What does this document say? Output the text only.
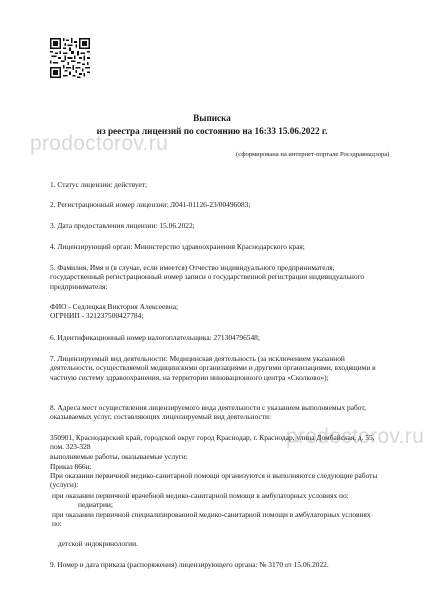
Выписка
из реестра лицензий по состоянию на 16:33 15.06.2022 г.
prodoctorov.ru
prodoctorov.ru
(сформирована на интернет-портале Росздравнадзора)
1. Статус лицензии: действует;
2. Регистрационный номер лицензии: Л041-01126-23/00496083;
3. Дата предоставления лицензии: 15.06.2022;
4. Лицензирующий орган: Министерство здравоохранения Краснодарского края;
5. Фамилия, Имя и (в случае, если имеется) Отчество индивидуального предпринимателя, государственный регистрационный номер записи о государственной регистрации индивидуального предпринимателя:
ФИО - Седлецкая Виктория Алексеевна;
ОГРНИП - 321237500427784;
6. Идентификационный номер налогоплательщика: 271304796548;
7. Лицензируемый вид деятельности: Медицинская деятельность (за исключением указанной деятельности, осуществляемой медицинскими организациями и другими организациями, входящими в частную систему здравоохранения, на территории инновационного центра «Сколково»);
8. Адреса мест осуществления лицензируемого вида деятельности с указанием выполняемых работ, оказываемых услуг, составляющих лицензируемый вид деятельности:
350901, Краснодарский край, городской округ город Краснодар, г. Краснодар, улица Домбайская, д. 55, пом. 323-328
выполняемые работы, оказываемые услуги:
Приказ 866н:
При оказании первичной медико-санитарной помощи организуются и выполняются следующие работы (услуги):
при оказании первичной врачебной медико-санитарной помощи в амбулаторных условиях по:
педиатрии;
при оказании первичной специализированной медико-санитарной помощи в амбулаторных условиях по:
детской эндокринологии.
9. Номер и дата приказа (распоряжения) лицензирующего органа: № 3170 от 15.06.2022.
